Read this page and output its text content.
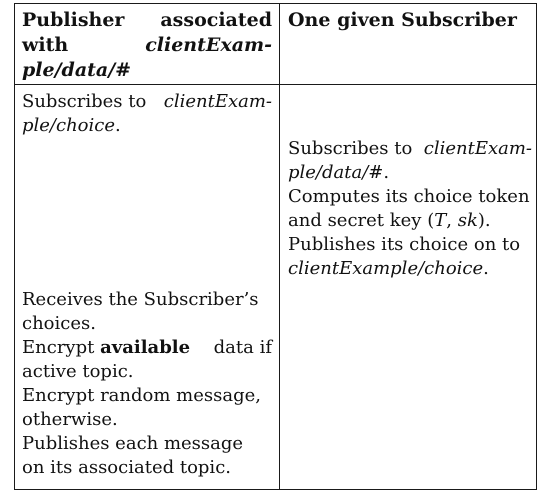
Publisher associated
with	clientExam-
ple/data/#
One given Subscriber
Subscribes to clientExam-
ple/choice.
Subscribes to clientExam-
ple/data/#.
Computes its choice token
and secret key (T, sk).
Publishes its choice on to
clientExample/choice.
Receives the Subscriber’s
choices.
Encrypt available data if
active topic.
Encrypt random message,
otherwise.
Publishes each message
on its associated topic.
